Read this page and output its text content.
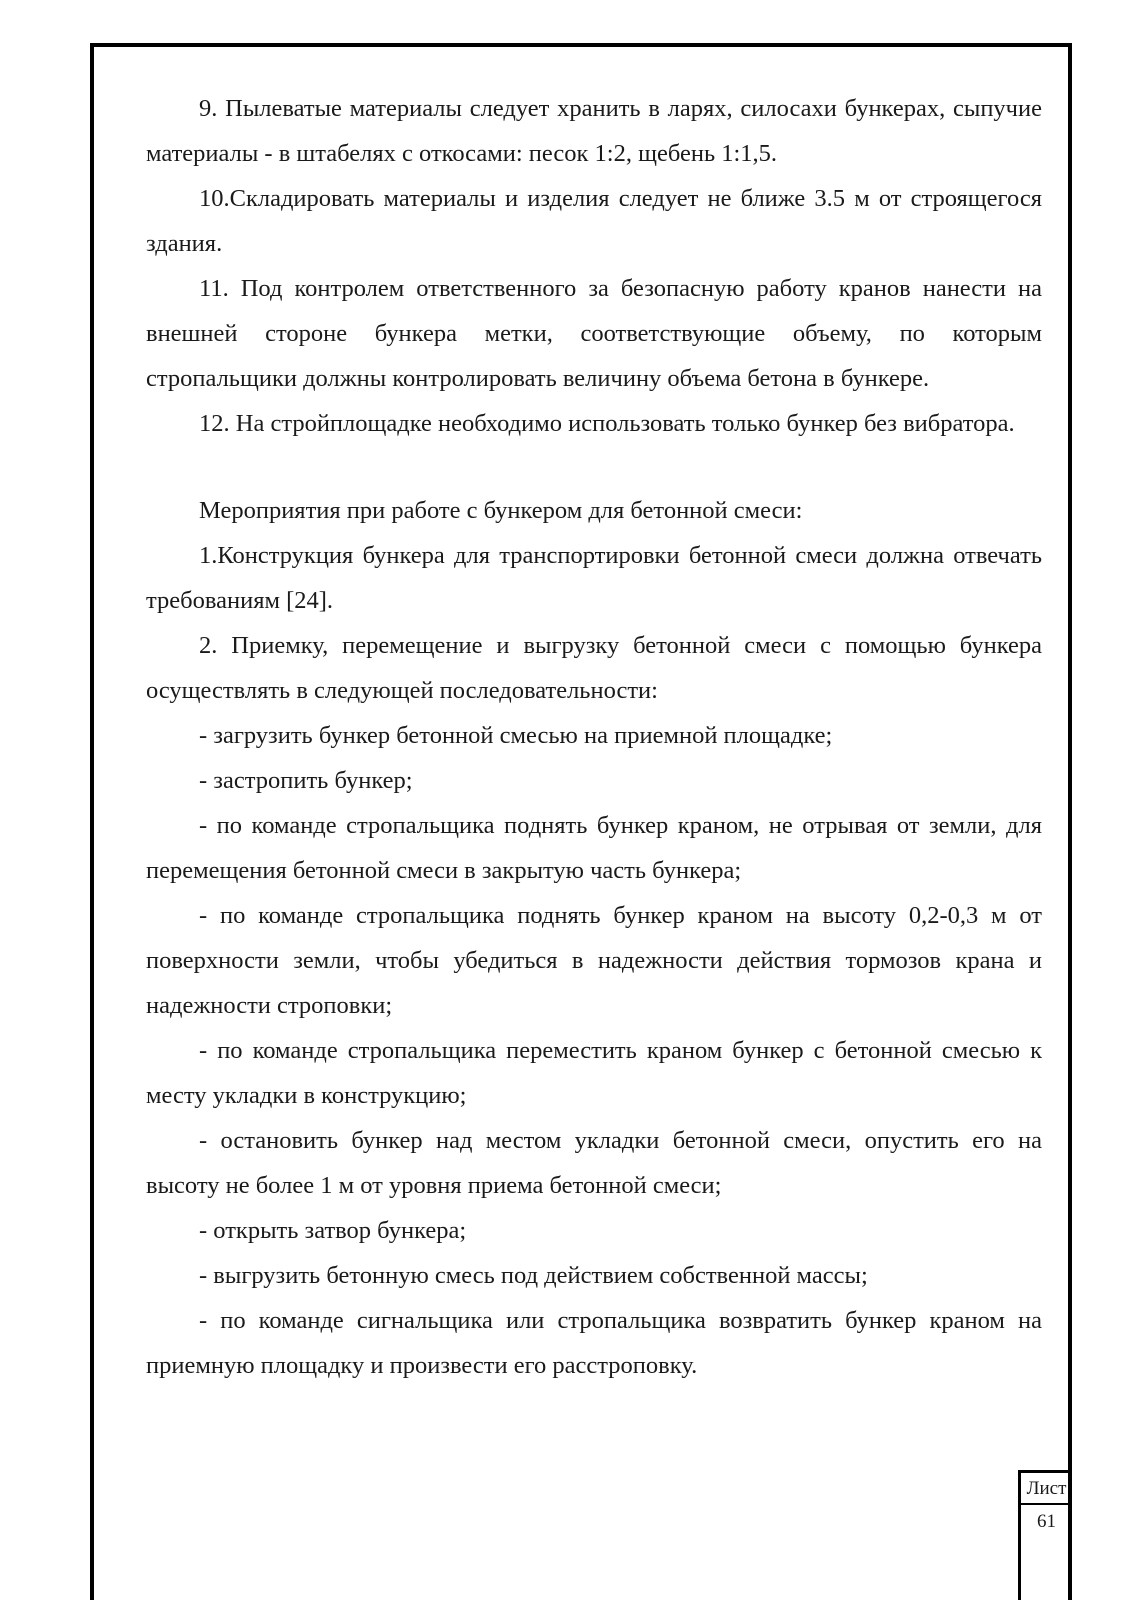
9. Пылеватые материалы следует хранить в ларях, силосахи бункерах, сыпучие материалы - в штабелях с откосами: песок 1:2, щебень 1:1,5.

10.Складировать материалы и изделия следует не ближе 3.5 м от строящегося здания.

11. Под контролем ответственного за безопасную работу кранов нанести на внешней стороне бункера метки, соответствующие объему, по которым стропальщики должны контролировать величину объема бетона в бункере.

12. На стройплощадке необходимо использовать только бункер без вибратора.

Мероприятия при работе с бункером для бетонной смеси:

1.Конструкция бункера для транспортировки бетонной смеси должна отвечать требованиям [24].

2. Приемку, перемещение и выгрузку бетонной смеси с помощью бункера осуществлять в следующей последовательности:

- загрузить бункер бетонной смесью на приемной площадке;

- застропить бункер;

- по команде стропальщика поднять бункер краном, не отрывая от земли, для перемещения бетонной смеси в закрытую часть бункера;

- по команде стропальщика поднять бункер краном на высоту 0,2-0,3 м от поверхности земли, чтобы убедиться в надежности действия тормозов крана и надежности строповки;

- по команде стропальщика переместить краном бункер с бетонной смесью к месту укладки в конструкцию;

- остановить бункер над местом укладки бетонной смеси, опустить его на высоту не более 1 м от уровня приема бетонной смеси;

- открыть затвор бункера;

- выгрузить бетонную смесь под действием собственной массы;

- по команде сигнальщика или стропальщика возвратить бункер краном на приемную площадку и произвести его расстроповку.

Лист
61
